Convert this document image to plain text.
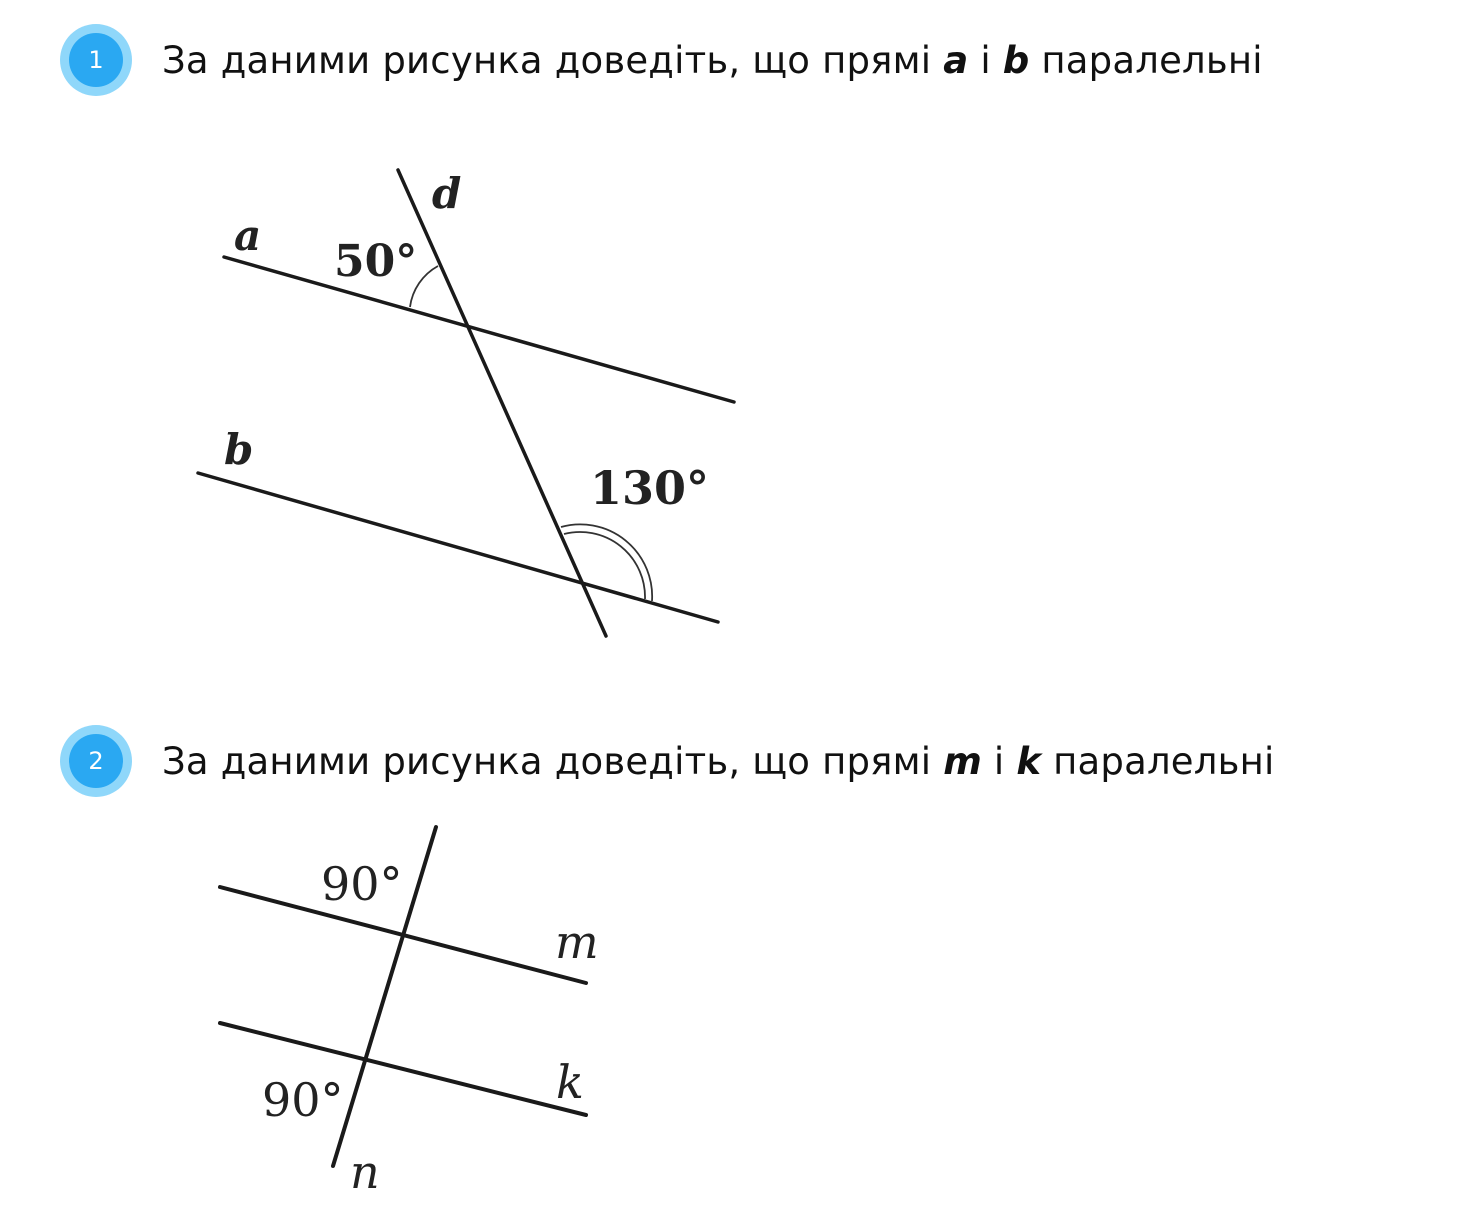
1	За даними рисунка доведіть, що прямі a і b паралельні
d
a
50°
b
130°
2	За даними рисунка доведіть, що прямі m і k паралельні
90°
m
k
90°
n
